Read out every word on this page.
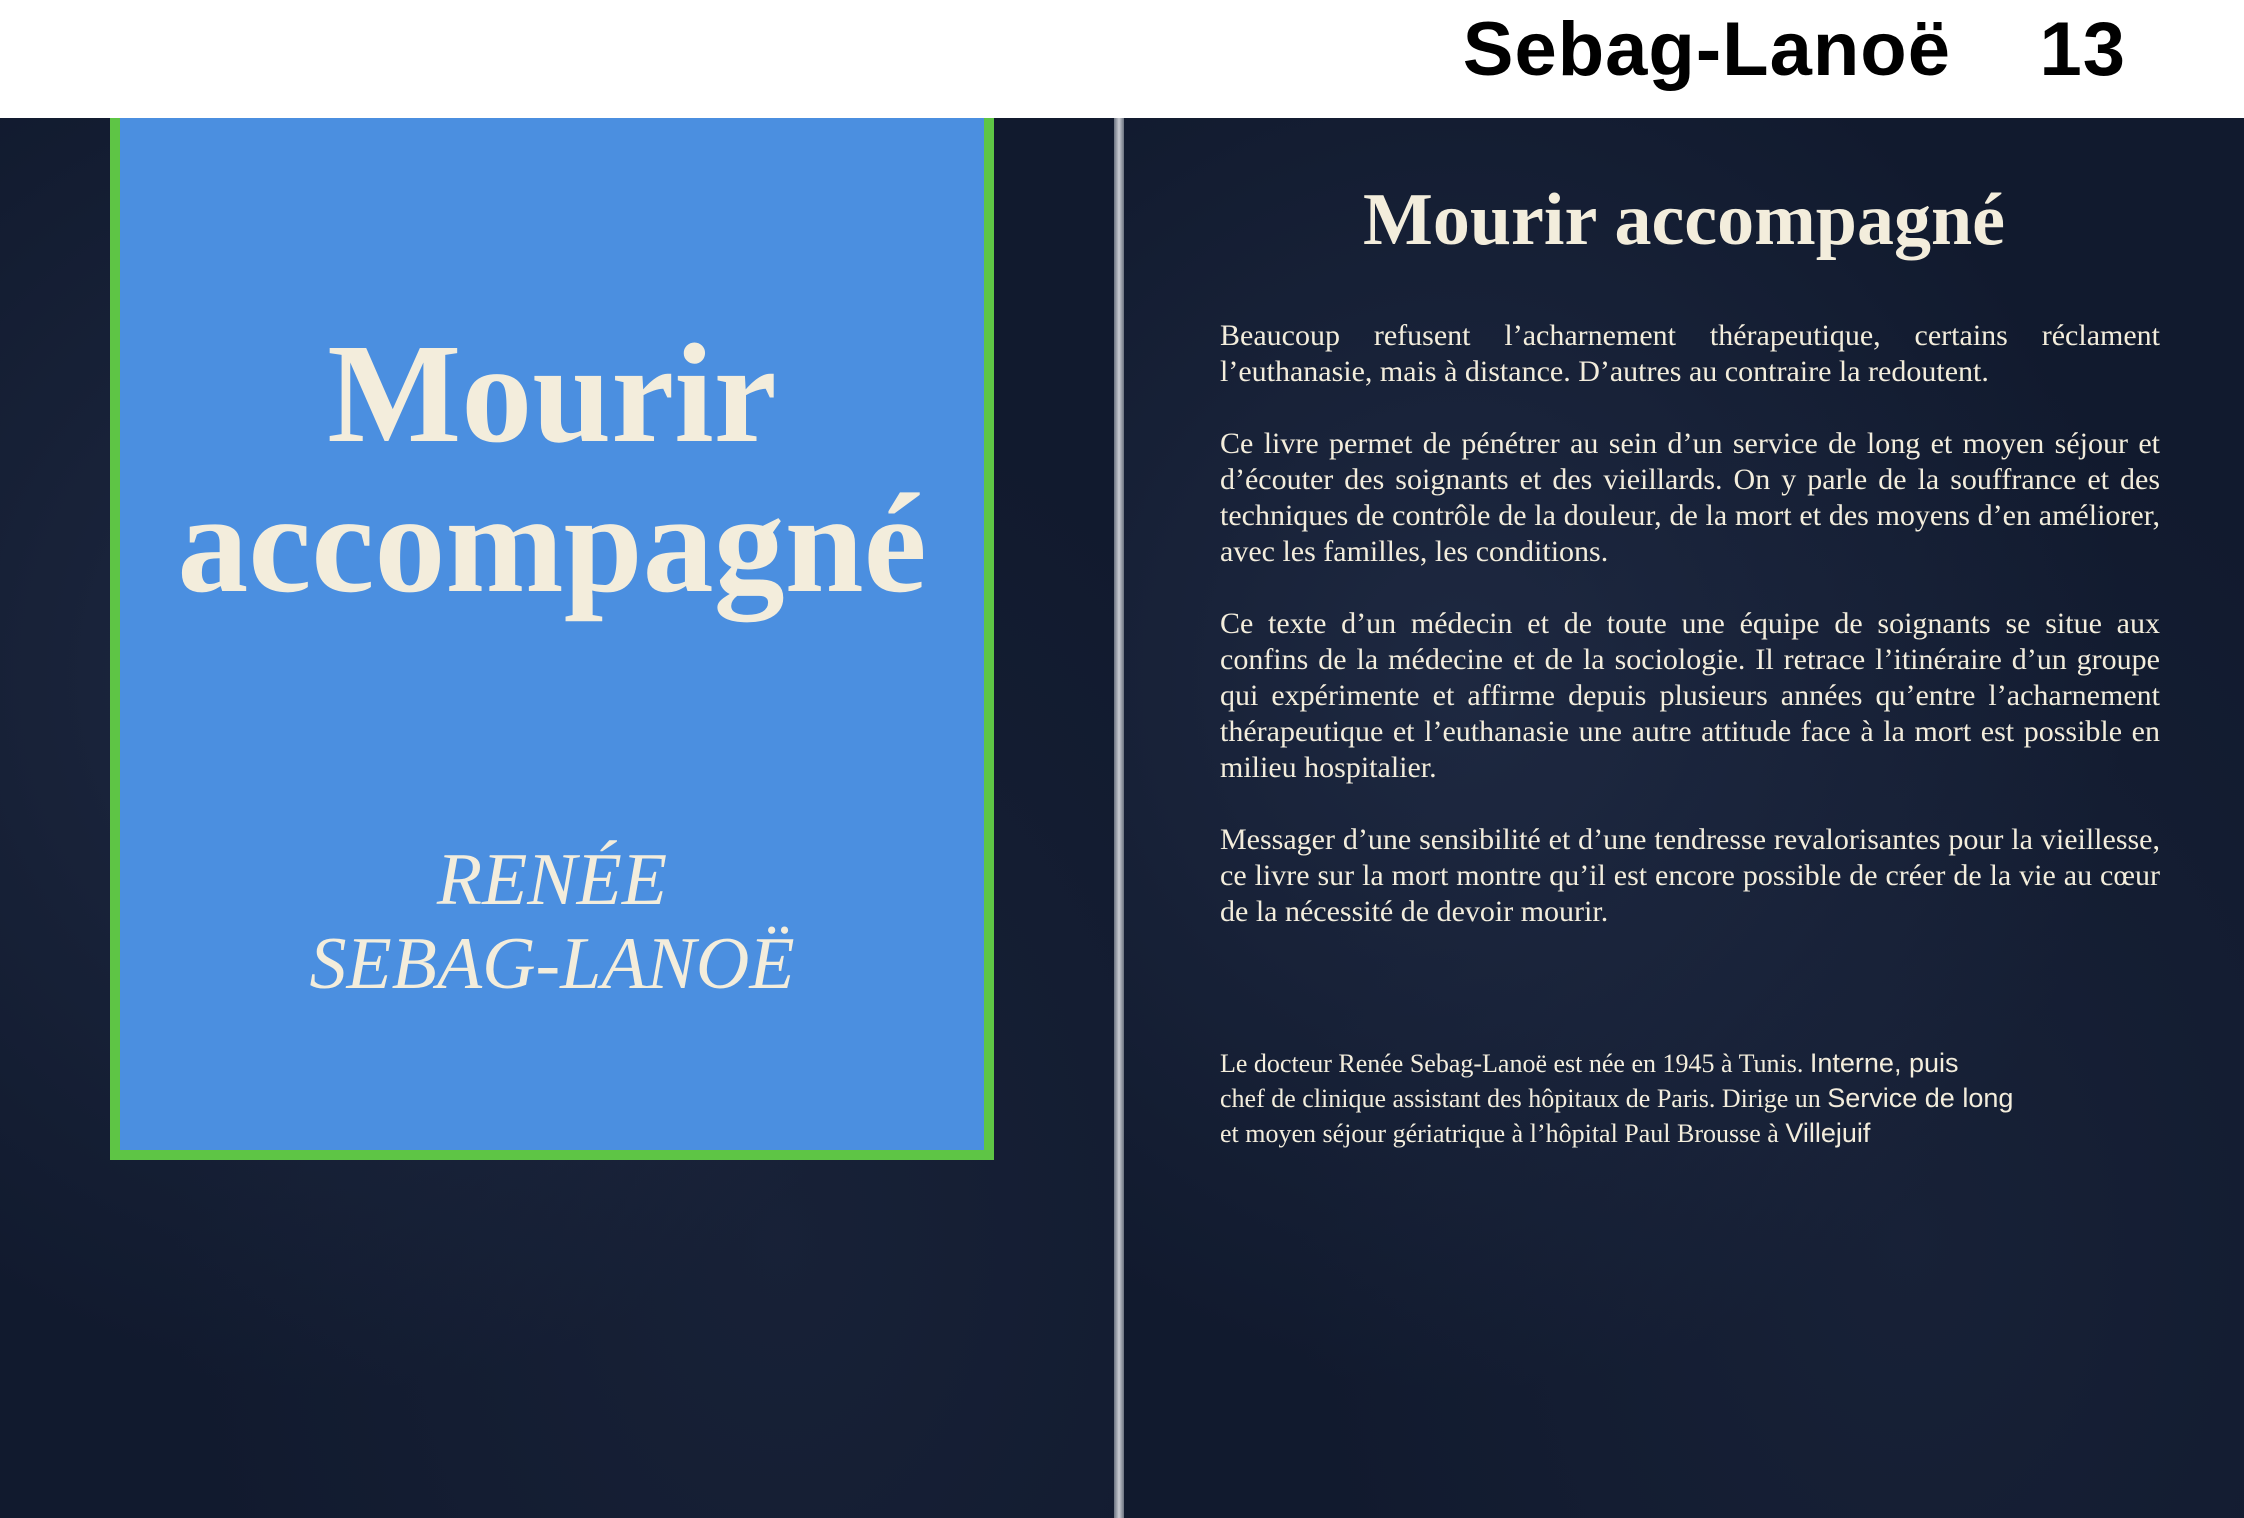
Sebag-Lanoë 13
Mourir
accompagné
RENÉE
SEBAG-LANOË
Mourir accompagné

Beaucoup refusent l’acharnement thérapeutique, certains réclament l’euthanasie, mais à distance. D’autres au contraire la redoutent.

Ce livre permet de pénétrer au sein d’un service de long et moyen séjour et d’écouter des soignants et des vieillards. On y parle de la souffrance et des techniques de contrôle de la douleur, de la mort et des moyens d’en améliorer, avec les familles, les conditions.

Ce texte d’un médecin et de toute une équipe de soignants se situe aux confins de la médecine et de la sociologie. Il retrace l’itinéraire d’un groupe qui expérimente et affirme depuis plusieurs années qu’entre l’acharnement thérapeutique et l’euthanasie une autre attitude face à la mort est possible en milieu hospitalier.

Messager d’une sensibilité et d’une tendresse revalorisantes pour la vieillesse, ce livre sur la mort montre qu’il est encore possible de créer de la vie au cœur de la nécessité de devoir mourir.

Le docteur Renée Sebag-Lanoë est née en 1945 à Tunis. Interne, puis
chef de clinique assistant des hôpitaux de Paris. Dirige un Service de long
et moyen séjour gériatrique à l’hôpital Paul Brousse à Villejuif
